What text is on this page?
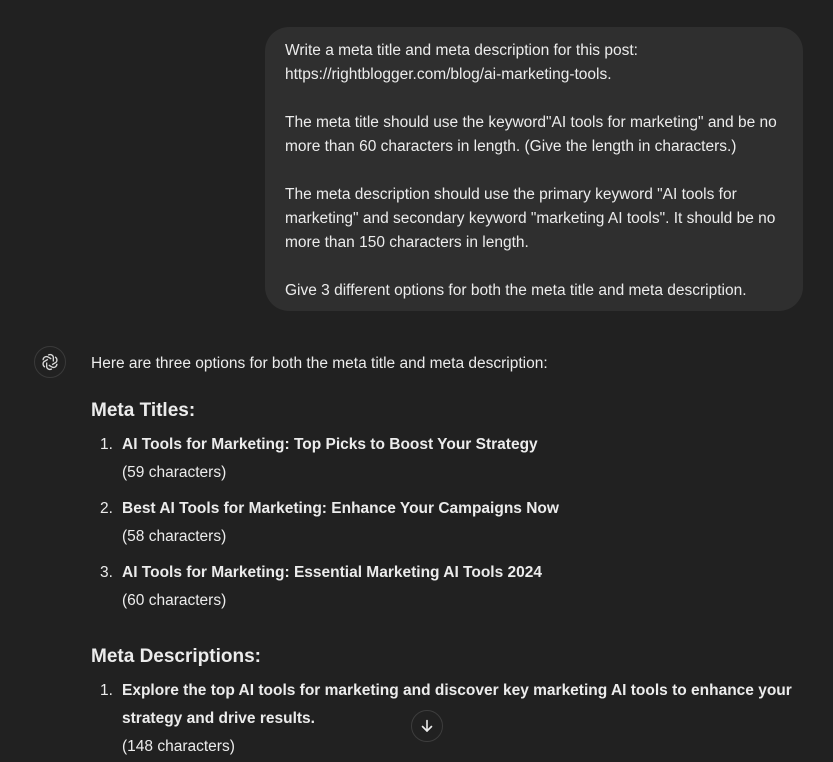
Write a meta title and meta description for this post: https://rightblogger.com/blog/ai-marketing-tools.

The meta title should use the keyword"AI tools for marketing" and be no more than 60 characters in length. (Give the length in characters.)

The meta description should use the primary keyword "AI tools for marketing" and secondary keyword "marketing AI tools". It should be no more than 150 characters in length.

Give 3 different options for both the meta title and meta description.

Here are three options for both the meta title and meta description:

Meta Titles:
1. AI Tools for Marketing: Top Picks to Boost Your Strategy
(59 characters)
2. Best AI Tools for Marketing: Enhance Your Campaigns Now
(58 characters)
3. AI Tools for Marketing: Essential Marketing AI Tools 2024
(60 characters)
Meta Descriptions:
1. Explore the top AI tools for marketing and discover key marketing AI tools to enhance your strategy and drive results.
(148 characters)
